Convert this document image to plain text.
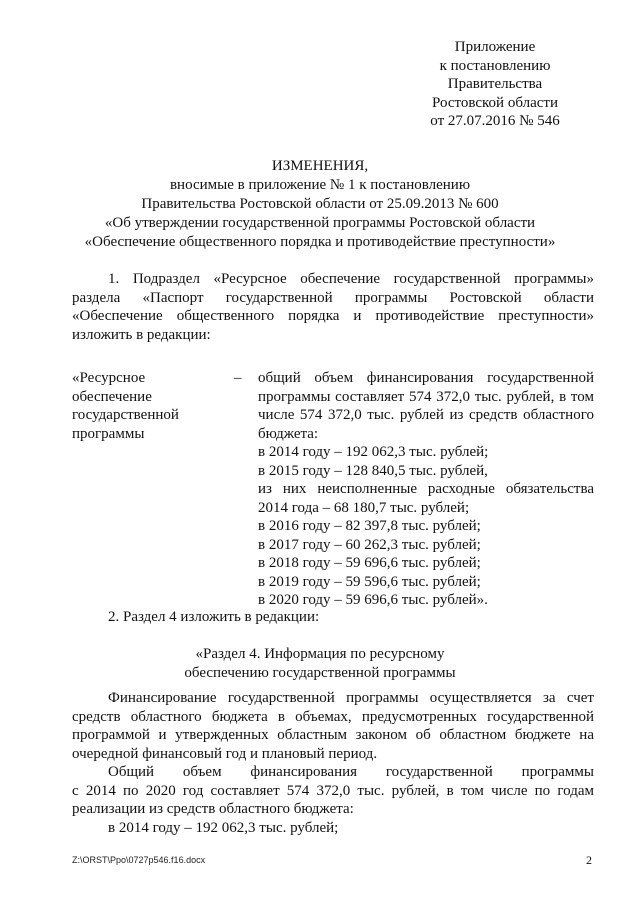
Приложение
к постановлению
Правительства
Ростовской области
от 27.07.2016 № 546
ИЗМЕНЕНИЯ,
вносимые в приложение № 1 к постановлению
Правительства Ростовской области от 25.09.2013 № 600
«Об утверждении государственной программы Ростовской области
«Обеспечение общественного порядка и противодействие преступности»
1. Подраздел «Ресурсное обеспечение государственной программы»
раздела «Паспорт государственной программы Ростовской области
«Обеспечение общественного порядка и противодействие преступности»
изложить в редакции:
«Ресурсное
обеспечение
государственной
программы
– общий объем финансирования государственной
программы составляет 574 372,0 тыс. рублей, в том
числе 574 372,0 тыс. рублей из средств областного
бюджета:
в 2014 году – 192 062,3 тыс. рублей;
в 2015 году – 128 840,5 тыс. рублей,
из них неисполненные расходные обязательства
2014 года – 68 180,7 тыс. рублей;
в 2016 году – 82 397,8 тыс. рублей;
в 2017 году – 60 262,3 тыс. рублей;
в 2018 году – 59 696,6 тыс. рублей;
в 2019 году – 59 596,6 тыс. рублей;
в 2020 году – 59 696,6 тыс. рублей».
2. Раздел 4 изложить в редакции:
«Раздел 4. Информация по ресурсному
обеспечению государственной программы
Финансирование государственной программы осуществляется за счет
средств областного бюджета в объемах, предусмотренных государственной
программой и утвержденных областным законом об областном бюджете на
очередной финансовый год и плановый период.
Общий объем финансирования государственной программы
с 2014 по 2020 год составляет 574 372,0 тыс. рублей, в том числе по годам
реализации из средств областного бюджета:
в 2014 году – 192 062,3 тыс. рублей;
Z:\ORST\Ppo\0727p546.f16.docx	2
